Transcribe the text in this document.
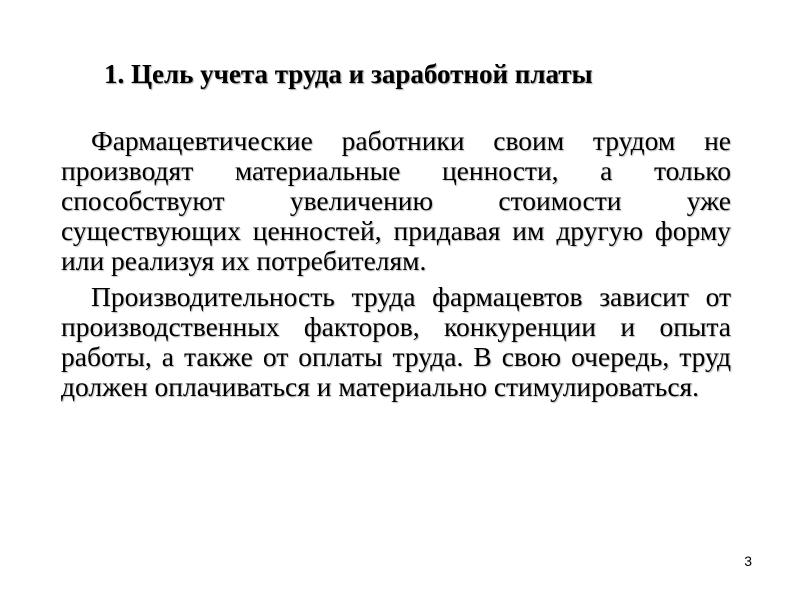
1. Цель учета труда и заработной платы

Фармацевтические работники своим трудом не производят материальные ценности, а только способствуют увеличению стоимости уже существующих ценностей, придавая им другую форму или реализуя их потребителям.

Производительность труда фармацевтов зависит от производственных факторов, конкуренции и опыта работы, а также от оплаты труда. В свою очередь, труд должен оплачиваться и материально стимулироваться.

3
